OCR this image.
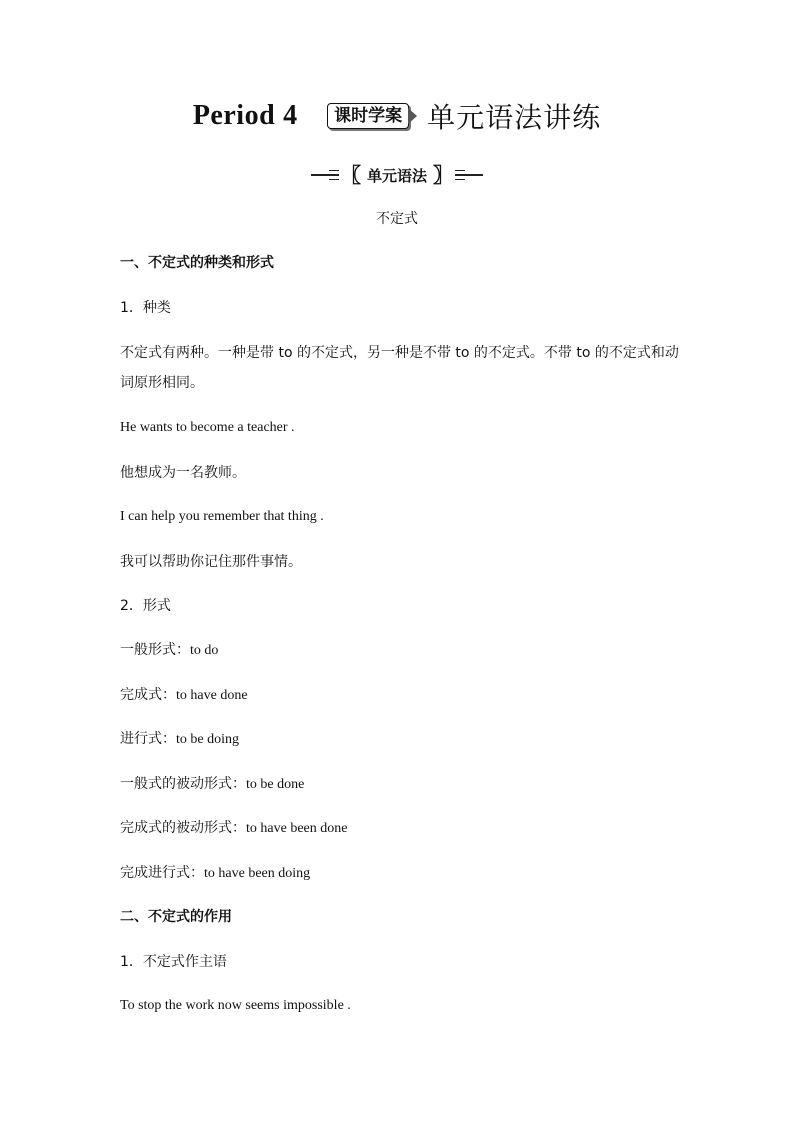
Period 4	课时学案 单元语法讲练
〖 单元语法 〗
不定式
一、不定式的种类和形式
1．种类
不定式有两种。一种是带 to 的不定式，另一种是不带 to 的不定式。不带 to 的不定式和动词原形相同。
He wants to become a teacher .
他想成为一名教师。
I can help you remember that thing .
我可以帮助你记住那件事情。
2．形式
一般形式：to do
完成式：to have done
进行式：to be doing
一般式的被动形式：to be done
完成式的被动形式：to have been done
完成进行式：to have been doing
二、不定式的作用
1．不定式作主语
To stop the work now seems impossible .
